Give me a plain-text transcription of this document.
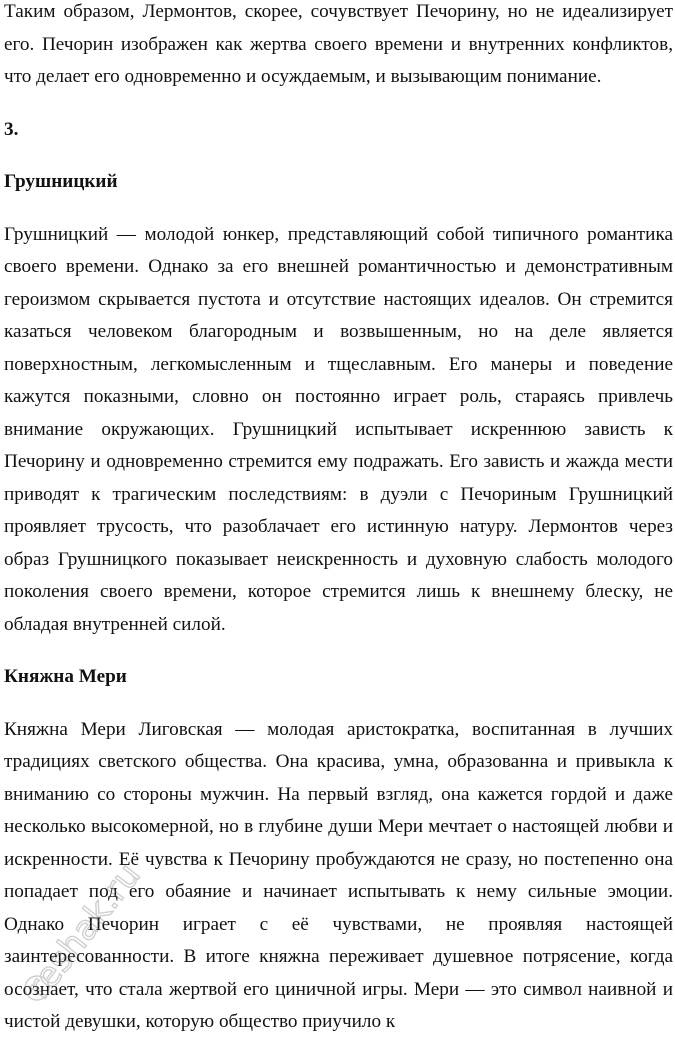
Таким образом, Лермонтов, скорее, сочувствует Печорину, но не идеализирует его. Печорин изображен как жертва своего времени и внутренних конфликтов, что делает его одновременно и осуждаемым, и вызывающим понимание.

3.

Грушницкий

Грушницкий — молодой юнкер, представляющий собой типичного романтика своего времени. Однако за его внешней романтичностью и демонстративным героизмом скрывается пустота и отсутствие настоящих идеалов. Он стремится казаться человеком благородным и возвышенным, но на деле является поверхностным, легкомысленным и тщеславным. Его манеры и поведение кажутся показными, словно он постоянно играет роль, стараясь привлечь внимание окружающих. Грушницкий испытывает искреннюю зависть к Печорину и одновременно стремится ему подражать. Его зависть и жажда мести приводят к трагическим последствиям: в дуэли с Печориным Грушницкий проявляет трусость, что разоблачает его истинную натуру. Лермонтов через образ Грушницкого показывает неискренность и духовную слабость молодого поколения своего времени, которое стремится лишь к внешнему блеску, не обладая внутренней силой.

Княжна Мери

Княжна Мери Лиговская — молодая аристократка, воспитанная в лучших традициях светского общества. Она красива, умна, образованна и привыкла к вниманию со стороны мужчин. На первый взгляд, она кажется гордой и даже несколько высокомерной, но в глубине души Мери мечтает о настоящей любви и искренности. Её чувства к Печорину пробуждаются не сразу, но постепенно она попадает под его обаяние и начинает испытывать к нему сильные эмоции. Однако Печорин играет с её чувствами, не проявляя настоящей заинтересованности. В итоге княжна переживает душевное потрясение, когда осознает, что стала жертвой его циничной игры. Мери — это символ наивной и чистой девушки, которую общество приучило к

reshak.ru
